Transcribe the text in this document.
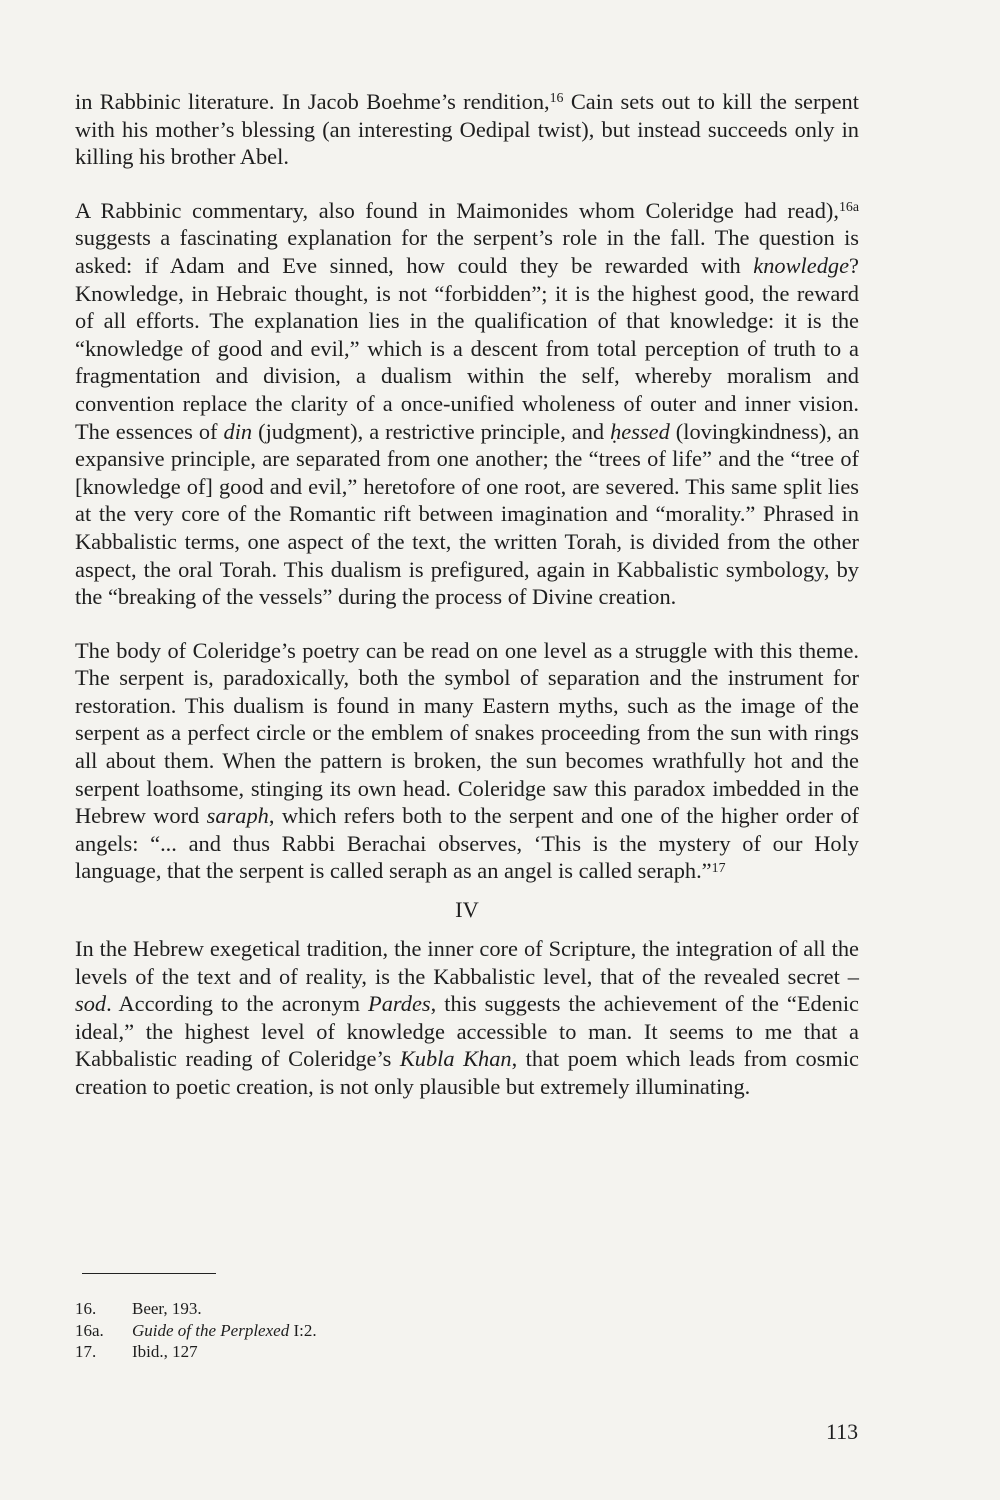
in Rabbinic literature. In Jacob Boehme’s rendition,$^{16}$ Cain sets out to kill the serpent with his mother’s blessing (an interesting Oedipal twist), but instead succeeds only in killing his brother Abel.

A Rabbinic commentary, also found in Maimonides whom Coleridge had read),$^{16a}$ suggests a fascinating explanation for the serpent’s role in the fall. The question is asked: if Adam and Eve sinned, how could they be rewarded with knowledge? Knowledge, in Hebraic thought, is not “forbidden”; it is the highest good, the reward of all efforts. The explanation lies in the qualification of that knowledge: it is the “knowledge of good and evil,” which is a descent from total perception of truth to a fragmentation and division, a dualism within the self, whereby moralism and convention replace the clarity of a once-unified wholeness of outer and inner vision. The essences of din (judgment), a restrictive principle, and ḥessed (lovingkindness), an expansive principle, are separated from one another; the “trees of life” and the “tree of [knowledge of] good and evil,” heretofore of one root, are severed. This same split lies at the very core of the Romantic rift between imagination and “morality.” Phrased in Kabbalistic terms, one aspect of the text, the written Torah, is divided from the other aspect, the oral Torah. This dualism is prefigured, again in Kabbalistic symbology, by the “breaking of the vessels” during the process of Divine creation.

The body of Coleridge’s poetry can be read on one level as a struggle with this theme. The serpent is, paradoxically, both the symbol of separation and the instrument for restoration. This dualism is found in many Eastern myths, such as the image of the serpent as a perfect circle or the emblem of snakes proceeding from the sun with rings all about them. When the pattern is broken, the sun becomes wrathfully hot and the serpent loathsome, stinging its own head. Coleridge saw this paradox imbedded in the Hebrew word saraph, which refers both to the serpent and one of the higher order of angels: “... and thus Rabbi Berachai observes, ‘This is the mystery of our Holy language, that the serpent is called seraph as an angel is called seraph.”$^{17}$

IV

In the Hebrew exegetical tradition, the inner core of Scripture, the integration of all the levels of the text and of reality, is the Kabbalistic level, that of the revealed secret – sod. According to the acronym Pardes, this suggests the achievement of the “Edenic ideal,” the highest level of knowledge accessible to man. It seems to me that a Kabbalistic reading of Coleridge’s Kubla Khan, that poem which leads from cosmic creation to poetic creation, is not only plausible but extremely illuminating.

16.	Beer, 193.
16a.	Guide of the Perplexed I:2.
17.	Ibid., 127
113
